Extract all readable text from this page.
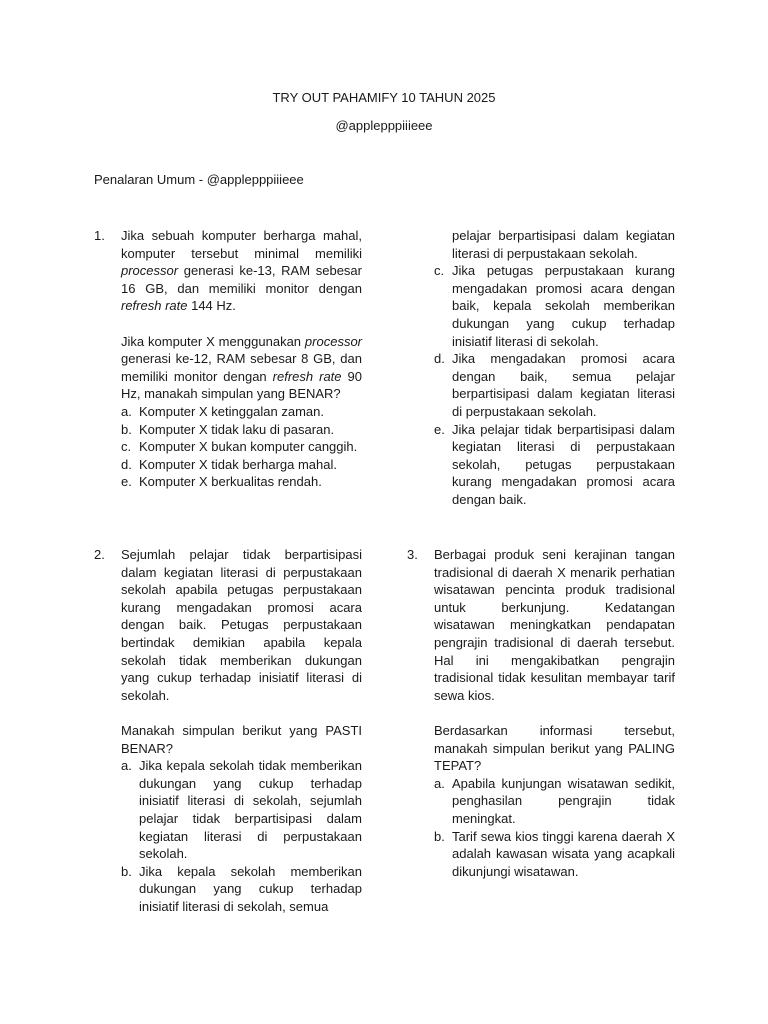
TRY OUT PAHAMIFY 10 TAHUN 2025
@applepppiiieee
Penalaran Umum - @applepppiiieee
1. Jika sebuah komputer berharga mahal, komputer tersebut minimal memiliki processor generasi ke-13, RAM sebesar 16 GB, dan memiliki monitor dengan refresh rate 144 Hz.

Jika komputer X menggunakan processor generasi ke-12, RAM sebesar 8 GB, dan memiliki monitor dengan refresh rate 90 Hz, manakah simpulan yang BENAR?

a. Komputer X ketinggalan zaman.
b. Komputer X tidak laku di pasaran.
c. Komputer X bukan komputer canggih.
d. Komputer X tidak berharga mahal.
e. Komputer X berkualitas rendah.
2. Sejumlah pelajar tidak berpartisipasi dalam kegiatan literasi di perpustakaan sekolah apabila petugas perpustakaan kurang mengadakan promosi acara dengan baik. Petugas perpustakaan bertindak demikian apabila kepala sekolah tidak memberikan dukungan yang cukup terhadap inisiatif literasi di sekolah.

Manakah simpulan berikut yang PASTI BENAR?

a. Jika kepala sekolah tidak memberikan dukungan yang cukup terhadap inisiatif literasi di sekolah, sejumlah pelajar tidak berpartisipasi dalam kegiatan literasi di perpustakaan sekolah.
b. Jika kepala sekolah memberikan dukungan yang cukup terhadap inisiatif literasi di sekolah, semua
pelajar berpartisipasi dalam kegiatan literasi di perpustakaan sekolah.
c. Jika petugas perpustakaan kurang mengadakan promosi acara dengan baik, kepala sekolah memberikan dukungan yang cukup terhadap inisiatif literasi di sekolah.
d. Jika mengadakan promosi acara dengan baik, semua pelajar berpartisipasi dalam kegiatan literasi di perpustakaan sekolah.
e. Jika pelajar tidak berpartisipasi dalam kegiatan literasi di perpustakaan sekolah, petugas perpustakaan kurang mengadakan promosi acara dengan baik.
3. Berbagai produk seni kerajinan tangan tradisional di daerah X menarik perhatian wisatawan pencinta produk tradisional untuk berkunjung. Kedatangan wisatawan meningkatkan pendapatan pengrajin tradisional di daerah tersebut. Hal ini mengakibatkan pengrajin tradisional tidak kesulitan membayar tarif sewa kios.

Berdasarkan informasi tersebut, manakah simpulan berikut yang PALING TEPAT?

a. Apabila kunjungan wisatawan sedikit, penghasilan pengrajin tidak meningkat.
b. Tarif sewa kios tinggi karena daerah X adalah kawasan wisata yang acapkali dikunjungi wisatawan.
